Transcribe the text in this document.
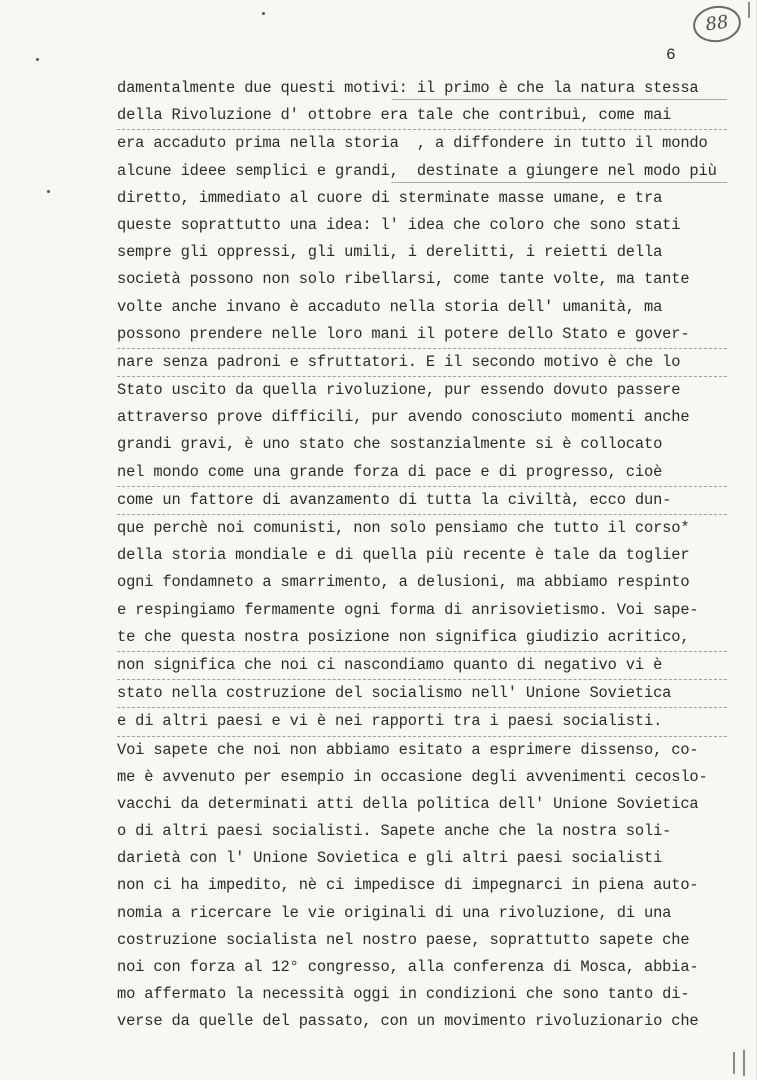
88
6
damentalmente due questi motivi: il primo è che la natura stessa
della Rivoluzione d' ottobre era tale che contribuì, come mai
era accaduto prima nella storia  , a diffondere in tutto il mondo
alcune ideee semplici e grandi,  destinate a giungere nel modo più
diretto, immediato al cuore di sterminate masse umane, e tra
queste soprattutto una idea: l' idea che coloro che sono stati
sempre gli oppressi, gli umili, i derelitti, i reietti della
società possono non solo ribellarsi, come tante volte, ma tante
volte anche invano è accaduto nella storia dell' umanità, ma
possono prendere nelle loro mani il potere dello Stato e gover-
nare senza padroni e sfruttatori. E il secondo motivo è che lo
Stato uscito da quella rivoluzione, pur essendo dovuto passere
attraverso prove difficili, pur avendo conosciuto momenti anche
grandi gravi, è uno stato che sostanzialmente si è collocato
nel mondo come una grande forza di pace e di progresso, cioè
come un fattore di avanzamento di tutta la civiltà, ecco dun-
que perchè noi comunisti, non solo pensiamo che tutto il corso*
della storia mondiale e di quella più recente è tale da toglier
ogni fondamneto a smarrimento, a delusioni, ma abbiamo respinto
e respingiamo fermamente ogni forma di anrisovietismo. Voi sape-
te che questa nostra posizione non significa giudizio acritico,
non significa che noi ci nascondiamo quanto di negativo vi è
stato nella costruzione del socialismo nell' Unione Sovietica
e di altri paesi e vi è nei rapporti tra i paesi socialisti.
Voi sapete che noi non abbiamo esitato a esprimere dissenso, co-
me è avvenuto per esempio in occasione degli avvenimenti cecoslo-
vacchi da determinati atti della politica dell' Unione Sovietica
o di altri paesi socialisti. Sapete anche che la nostra soli-
darietà con l' Unione Sovietica e gli altri paesi socialisti
non ci ha impedito, nè ci impedisce di impegnarci in piena auto-
nomia a ricercare le vie originali di una rivoluzione, di una
costruzione socialista nel nostro paese, soprattutto sapete che
noi con forza al 12° congresso, alla conferenza di Mosca, abbia-
mo affermato la necessità oggi in condizioni che sono tanto di-
verse da quelle del passato, con un movimento rivoluzionario che
